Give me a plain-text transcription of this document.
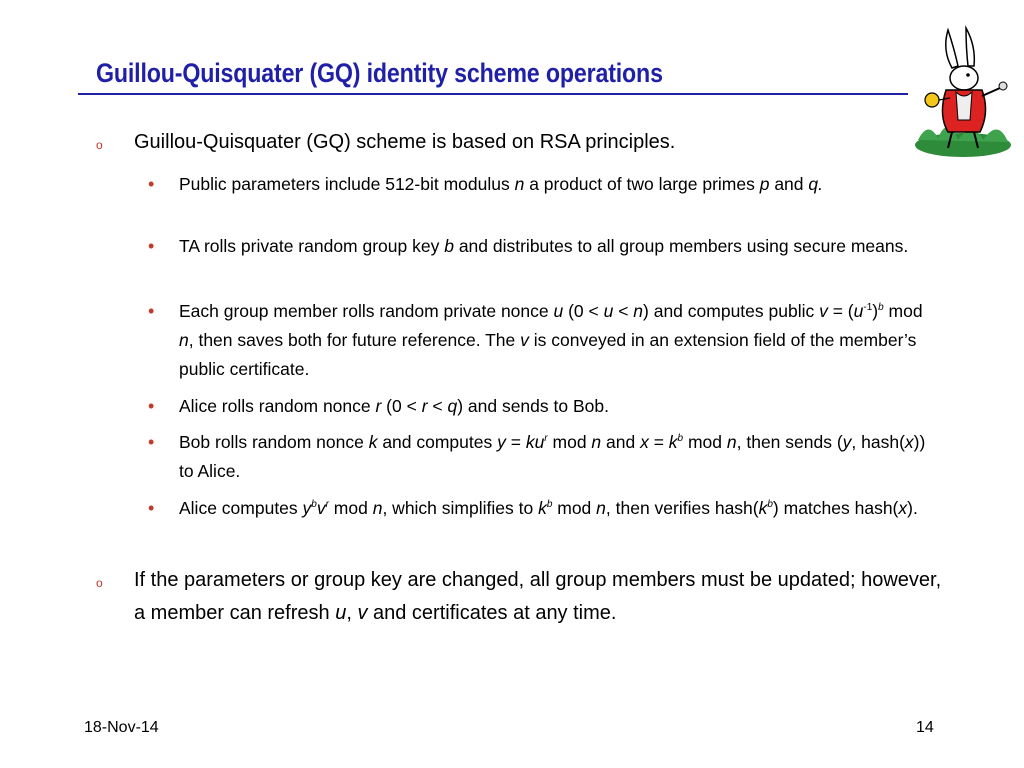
Guillou-Quisquater (GQ) identity scheme operations
o Guillou-Quisquater (GQ) scheme is based on RSA principles.
• Public parameters include 512-bit modulus n a product of two large primes p and q.
• TA rolls private random group key b and distributes to all group members using secure means.
• Each group member rolls random private nonce u (0 < u < n) and computes public $v = (u^{-1})^b$ mod n, then saves both for future reference. The v is conveyed in an extension field of the member’s public certificate.
• Alice rolls random nonce r (0 < r < q) and sends to Bob.
• Bob rolls random nonce k and computes $y = ku^r$ mod n and $x = k^b$ mod n, then sends (y, hash(x)) to Alice.
• Alice computes $y^bv^r$ mod n, which simplifies to $k^b$ mod n, then verifies $hash(k^b)$ matches hash(x).
o If the parameters or group key are changed, all group members must be updated; however, a member can refresh u, v and certificates at any time.
18-Nov-14	14
